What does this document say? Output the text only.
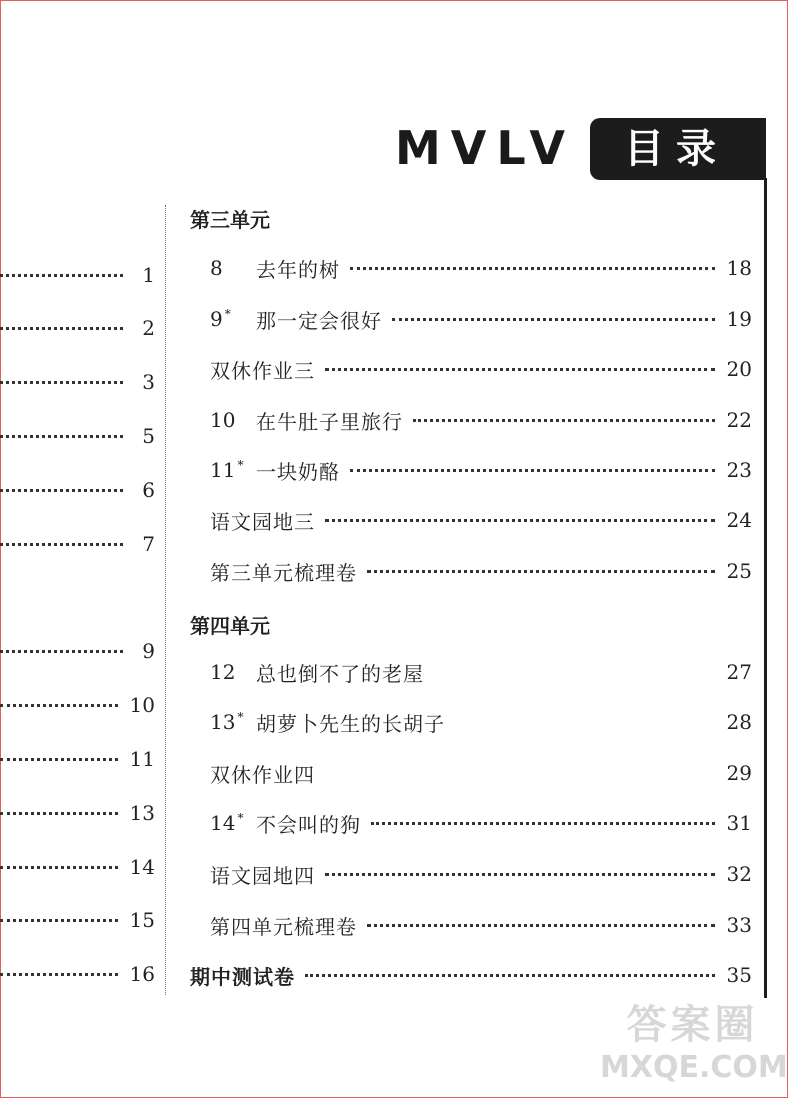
MVLV	目录
1
2
3
5
6
7
9
10
11
13
14
15
16
第三单元
8	去年的树	18
9 *	那一定会很好	19
双休作业三	20
10	在牛肚子里旅行	22
11 * 一块奶酪	23
语文园地三	24
第三单元梳理卷	25
第四单元
12	总也倒不了的老屋	27
13 * 胡萝卜先生的长胡子	28
双休作业四	29
14 * 不会叫的狗	31
语文园地四	32
第四单元梳理卷	33
期中测试卷	35
答案圈
MXQE.COM
